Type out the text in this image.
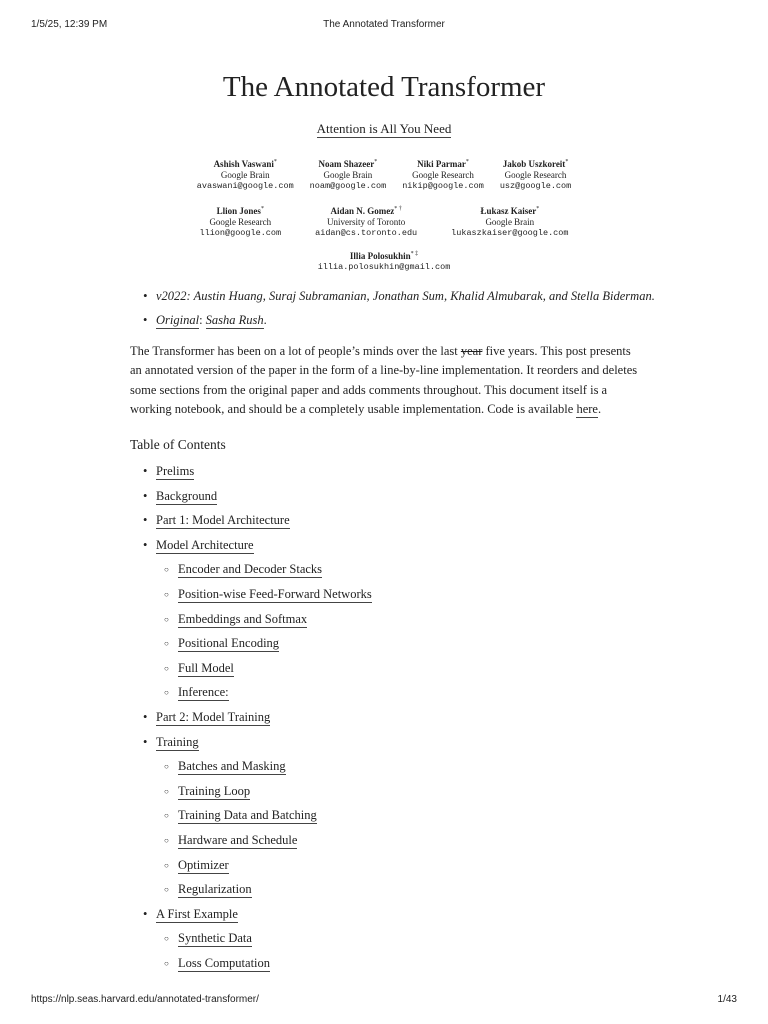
1/5/25, 12:39 PM	The Annotated Transformer
The Annotated Transformer
Attention is All You Need
Ashish Vaswani*
Google Brain
avaswani@google.com
Noam Shazeer*
Google Brain
noam@google.com
Niki Parmar*
Google Research
nikip@google.com
Jakob Uszkoreit*
Google Research
usz@google.com
Llion Jones*
Google Research
llion@google.com
Aidan N. Gomez* †
University of Toronto
aidan@cs.toronto.edu
Łukasz Kaiser*
Google Brain
lukaszkaiser@google.com
Illia Polosukhin* ‡
illia.polosukhin@gmail.com
• v2022: Austin Huang, Suraj Subramanian, Jonathan Sum, Khalid Almubarak, and Stella Biderman.
• Original: Sasha Rush.

The Transformer has been on a lot of people’s minds over the last year five years. This post presents an annotated version of the paper in the form of a line-by-line implementation. It reorders and deletes some sections from the original paper and adds comments throughout. This document itself is a working notebook, and should be a completely usable implementation. Code is available here.

Table of Contents
• Prelims
• Background
• Part 1: Model Architecture
• Model Architecture
○ Encoder and Decoder Stacks
○ Position-wise Feed-Forward Networks
○ Embeddings and Softmax
○ Positional Encoding
○ Full Model
○ Inference:
• Part 2: Model Training
• Training
○ Batches and Masking
○ Training Loop
○ Training Data and Batching
○ Hardware and Schedule
○ Optimizer
○ Regularization
• A First Example
○ Synthetic Data
○ Loss Computation
https://nlp.seas.harvard.edu/annotated-transformer/	1/43
